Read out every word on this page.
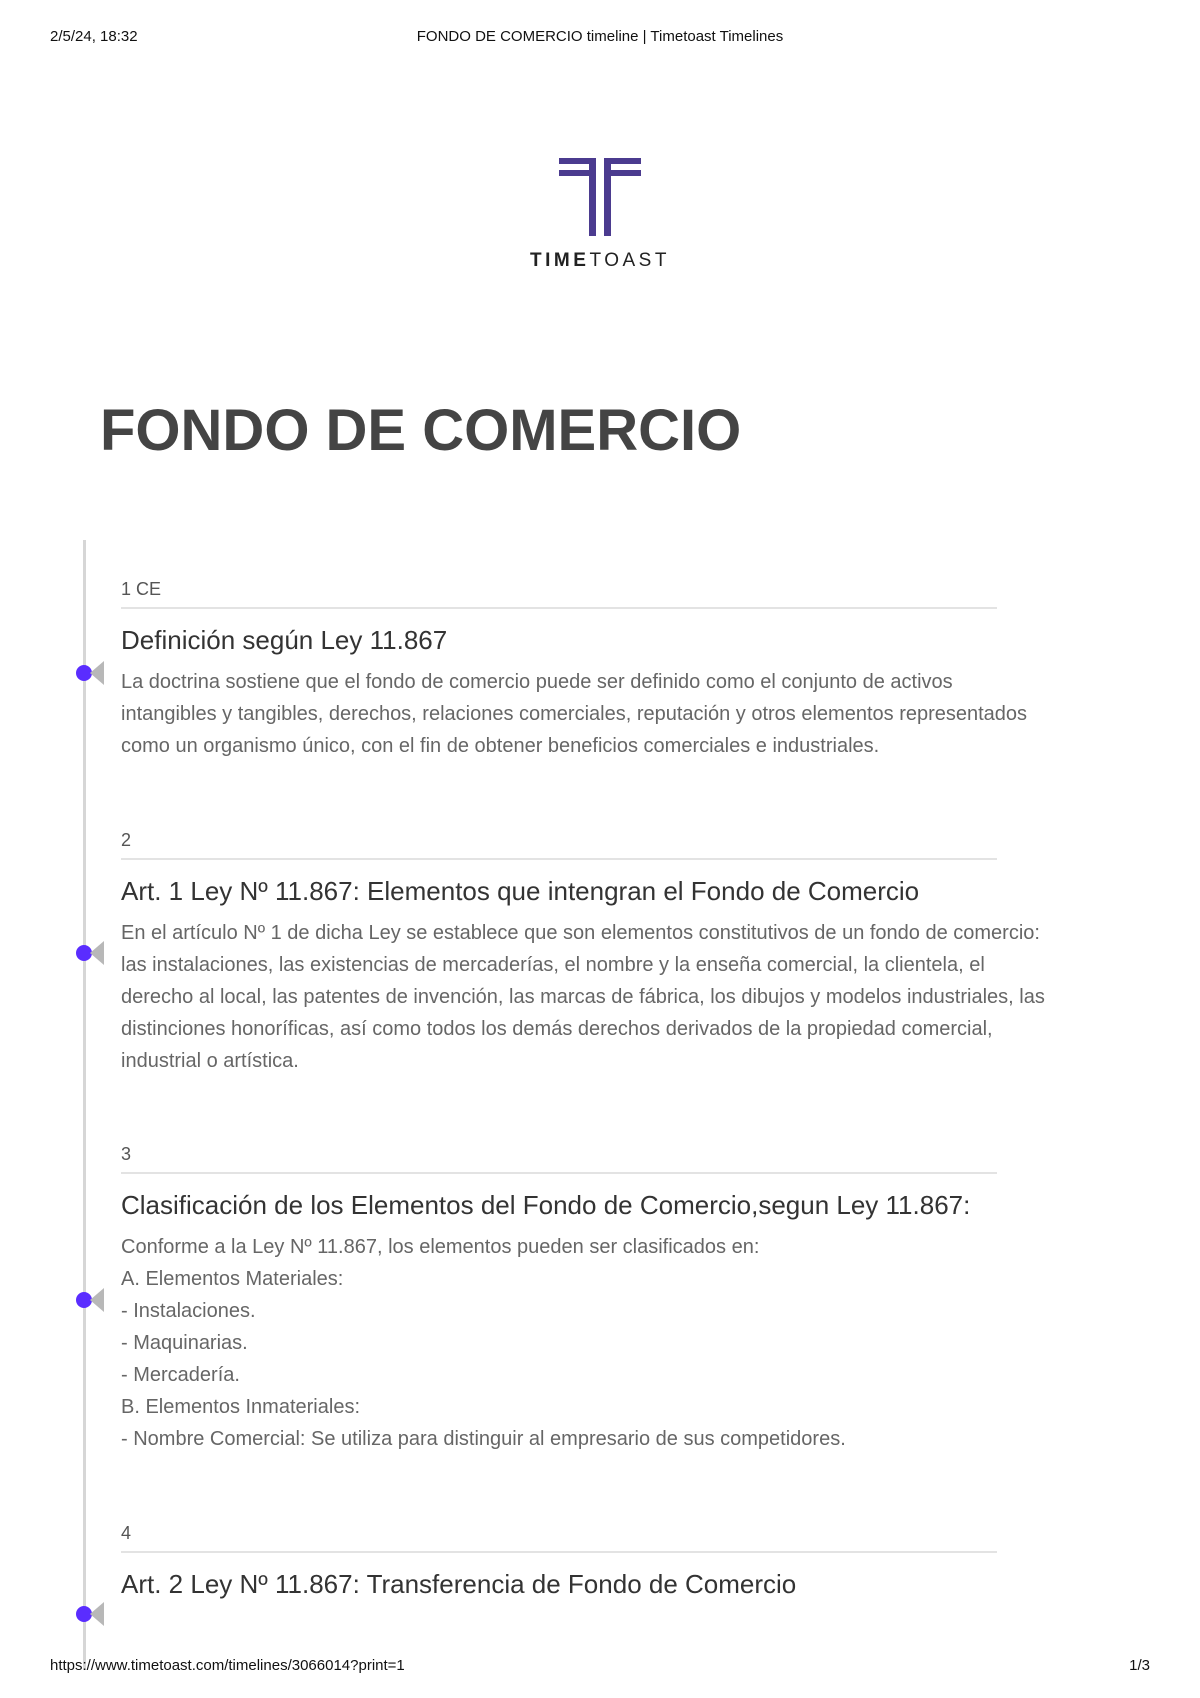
2/5/24, 18:32	FONDO DE COMERCIO timeline | Timetoast Timelines
TIMETOAST
FONDO DE COMERCIO
1 CE
Definición según Ley 11.867
La doctrina sostiene que el fondo de comercio puede ser definido como el conjunto de activos
intangibles y tangibles, derechos, relaciones comerciales, reputación y otros elementos representados
como un organismo único, con el fin de obtener beneficios comerciales e industriales.
2
Art. 1 Ley Nº 11.867: Elementos que intengran el Fondo de Comercio
En el artículo Nº 1 de dicha Ley se establece que son elementos constitutivos de un fondo de comercio:
las instalaciones, las existencias de mercaderías, el nombre y la enseña comercial, la clientela, el
derecho al local, las patentes de invención, las marcas de fábrica, los dibujos y modelos industriales, las
distinciones honoríficas, así como todos los demás derechos derivados de la propiedad comercial,
industrial o artística.
3
Clasificación de los Elementos del Fondo de Comercio,segun Ley 11.867:
Conforme a la Ley Nº 11.867, los elementos pueden ser clasificados en:
A. Elementos Materiales:
- Instalaciones.
- Maquinarias.
- Mercadería.
B. Elementos Inmateriales:
- Nombre Comercial: Se utiliza para distinguir al empresario de sus competidores.
4
Art. 2 Ley Nº 11.867: Transferencia de Fondo de Comercio
https://www.timetoast.com/timelines/3066014?print=1	1/3
